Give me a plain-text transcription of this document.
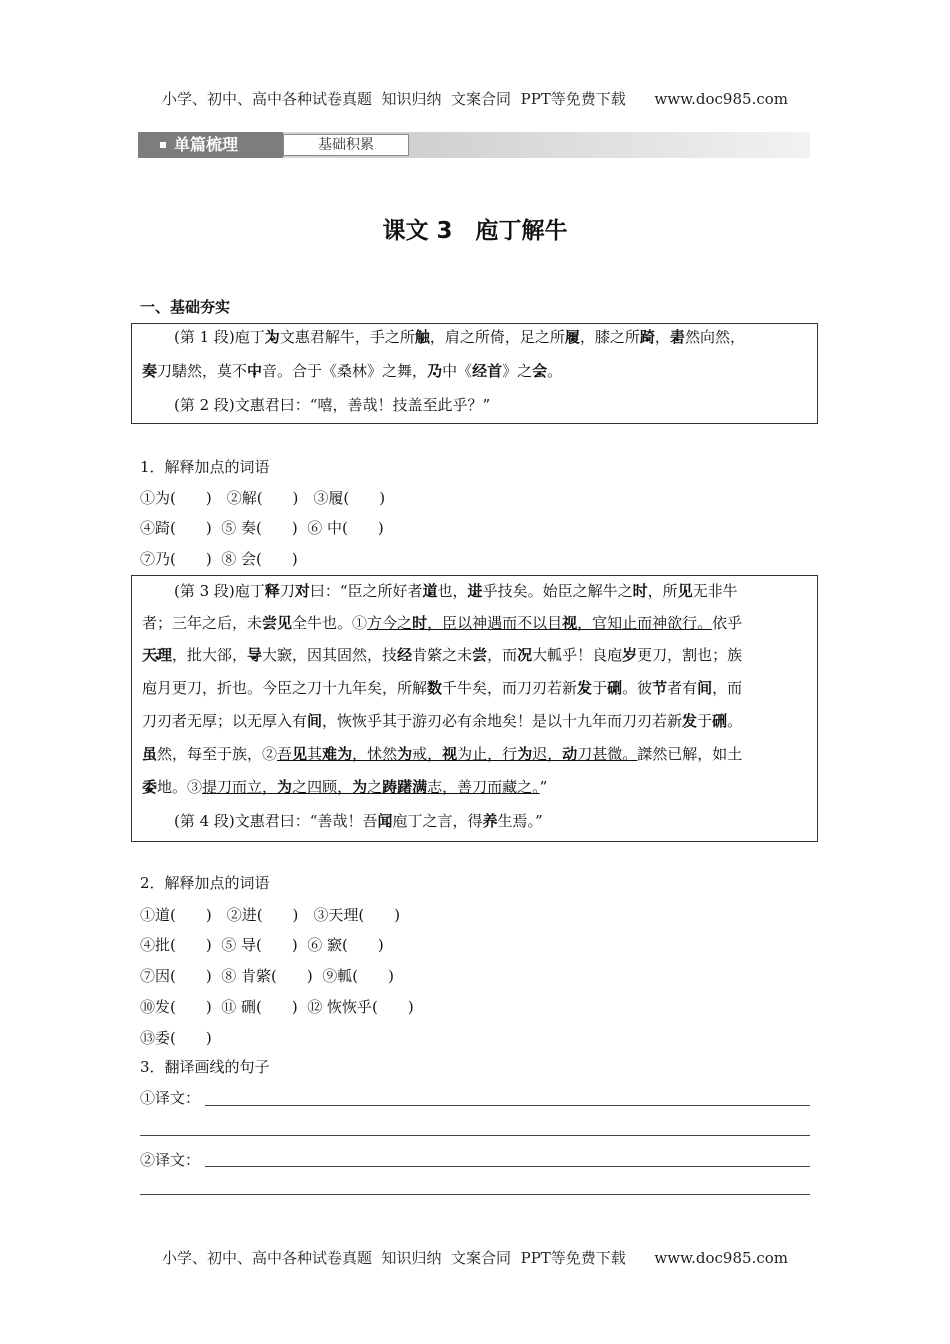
小学、初中、高中各种试卷真题  知识归纳  文案合同  PPT等免费下载      www.doc985.com
单篇梳理	基础积累
课文 3　庖丁解牛
一、基础夯实
(第 1 段)庖丁为 •文惠君解牛，手之所触 •，肩之所倚，足之所履 •，膝之所踦 •，砉 •然向然，
奏 •刀騞然，莫不中 •音。合于《桑林》之舞，乃 •中《经首》之会 •。
(第 2 段)文惠君曰：“嘻，善哉！技盖至此乎？”
1．解释加点的词语
①为(　　)　②解(　　)　③履(　　)
④踦(　　)  ⑤ 奏(　　)  ⑥ 中(　　)
⑦乃(　　)  ⑧ 会(　　)
(第 3 段)庖丁释刀对曰：“臣之所好者道 •也，进 •乎技矣。始臣之解牛之时，所见无非牛
者；三年之后，未尝见全牛也。①方今之时，臣以神遇而不以目视，官知止而神欲行。依乎
天理 •，批大郤，导 •大窾，因其固然，技经肯綮之未尝，而况大軱乎！良庖岁更刀，割也；族
庖月更刀，折也。今臣之刀十九年矣，所解数千牛矣，而刀刃若新发 •于硎 •。彼节者有间，而
刀刃者无厚；以无厚入有间，恢恢乎其于游刃必有余地矣！是以十九年而刀刃若新发于硎。
虽然，每至于族，②吾见其难为，怵然为戒，视为止，行为迟，动刀甚微。謋然已解，如土
委 •地。③提刀而立，为之四顾，为之踌躇满志，善刀而藏之。”
(第 4 段)文惠君曰：“善哉！吾闻庖丁之言，得养生焉。”
2．解释加点的词语
①道(　　)　②进(　　)　③天理(　　)
④批(　　)  ⑤ 导(　　)  ⑥ 窾(　　)
⑦因(　　)  ⑧ 肯綮(　　)  ⑨軱(　　)
⑩发(　　)  ⑪ 硎(　　)  ⑫ 恢恢乎(　　)
⑬委(　　)
3．翻译画线的句子
①译文：
②译文：
小学、初中、高中各种试卷真题  知识归纳  文案合同  PPT等免费下载      www.doc985.com
